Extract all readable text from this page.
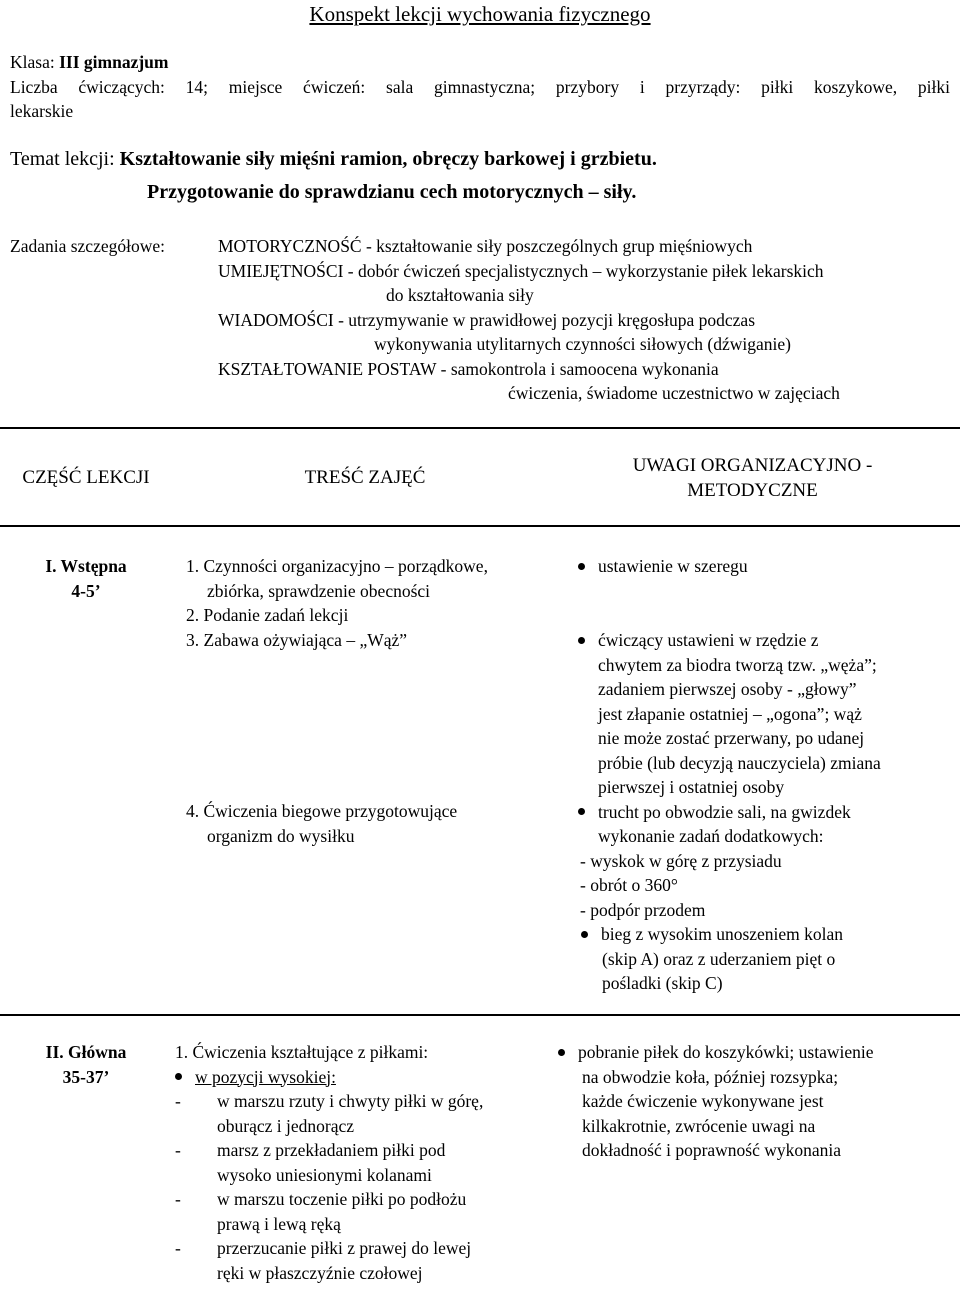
Konspekt lekcji wychowania fizycznego
Klasa: III gimnazjum
Liczba ćwiczących: 14; miejsce ćwiczeń: sala gimnastyczna; przybory i przyrządy: piłki koszykowe, piłki
lekarskie
Temat lekcji: Kształtowanie siły mięśni ramion, obręczy barkowej i grzbietu.
Przygotowanie do sprawdzianu cech motorycznych – siły.
Zadania szczegółowe:	MOTORYCZNOŚĆ - kształtowanie siły poszczególnych grup mięśniowych
UMIEJĘTNOŚCI - dobór ćwiczeń specjalistycznych – wykorzystanie piłek lekarskich
do kształtowania siły
WIADOMOŚCI - utrzymywanie w prawidłowej pozycji kręgosłupa podczas
wykonywania utylitarnych czynności siłowych (dźwiganie)
KSZTAŁTOWANIE POSTAW - samokontrola i samoocena wykonania
ćwiczenia, świadome uczestnictwo w zajęciach
CZĘŚĆ LEKCJI	TREŚĆ ZAJĘĆ
UWAGI ORGANIZACYJNO -
METODYCZNE
I. Wstępna
4-5’
1. Czynności organizacyjno – porządkowe,
zbiórka, sprawdzenie obecności
2. Podanie zadań lekcji
3. Zabawa ożywiająca – „Wąż”
4. Ćwiczenia biegowe przygotowujące
organizm do wysiłku
ustawienie w szeregu
ćwiczący ustawieni w rzędzie z
chwytem za biodra tworzą tzw. „węża”;
zadaniem pierwszej osoby - „głowy”
jest złapanie ostatniej – „ogona”; wąż
nie może zostać przerwany, po udanej
próbie (lub decyzją nauczyciela) zmiana
pierwszej i ostatniej osoby
trucht po obwodzie sali, na gwizdek
wykonanie zadań dodatkowych:
- wyskok w górę z przysiadu
- obrót o 360°
- podpór przodem
bieg z wysokim unoszeniem kolan
(skip A) oraz z uderzaniem pięt o
pośladki (skip C)
II. Główna
35-37’
1. Ćwiczenia kształtujące z piłkami:
w pozycji wysokiej:
- w marszu rzuty i chwyty piłki w górę,
oburącz i jednorącz
- marsz z przekładaniem piłki pod
wysoko uniesionymi kolanami
- w marszu toczenie piłki po podłożu
prawą i lewą ręką
- przerzucanie piłki z prawej do lewej
ręki w płaszczyźnie czołowej
pobranie piłek do koszykówki; ustawienie
na obwodzie koła, później rozsypka;
każde ćwiczenie wykonywane jest
kilkakrotnie, zwrócenie uwagi na
dokładność i poprawność wykonania
